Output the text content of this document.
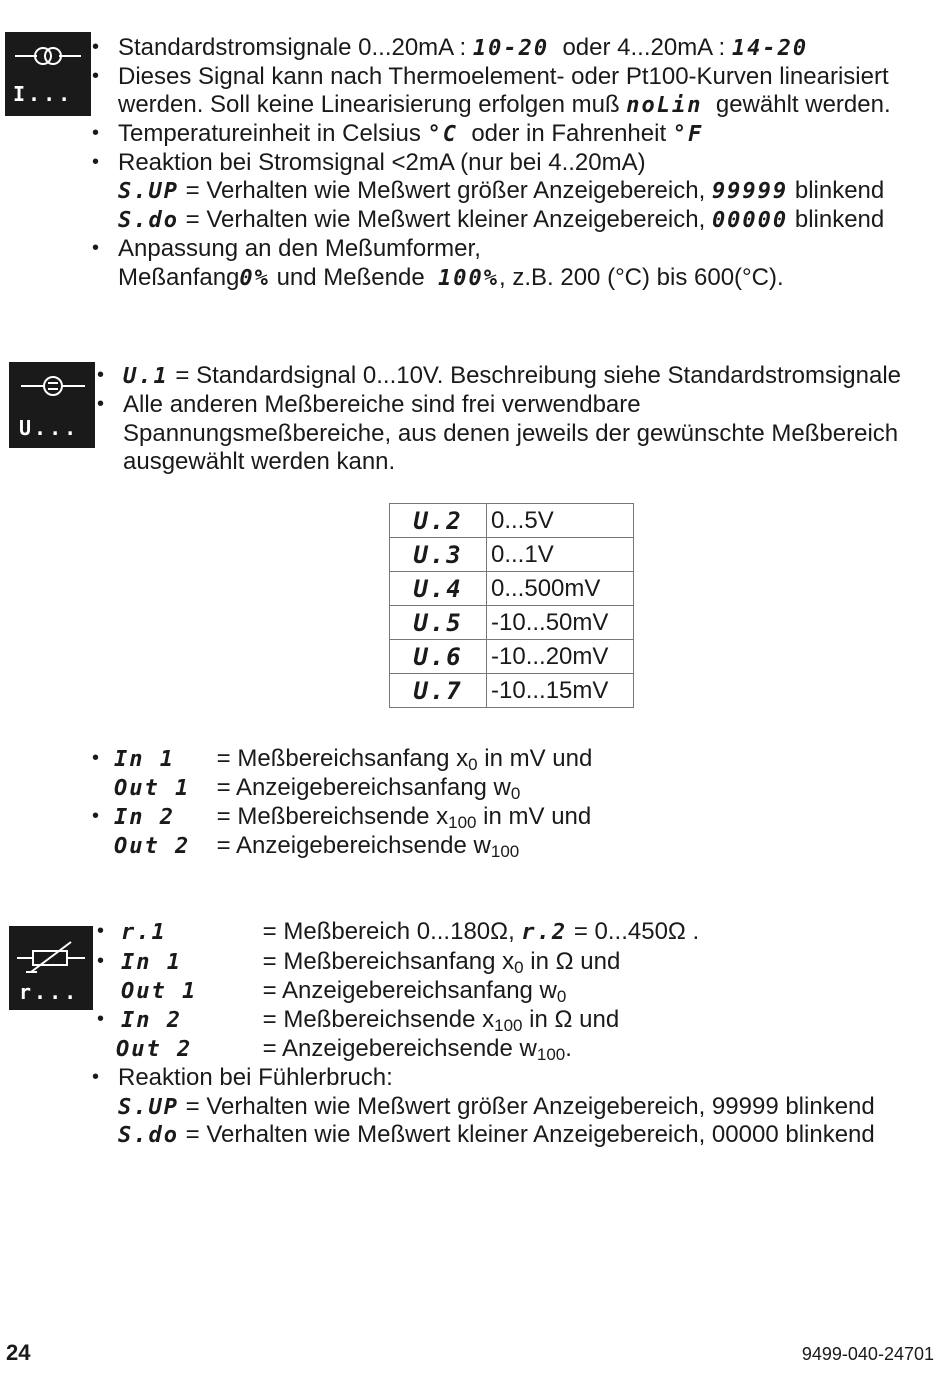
I...
• Standardstromsignale 0...20mA : 10-20 oder 4...20mA : 14-20
• Dieses Signal kann nach Thermoelement- oder Pt100-Kurven linearisiert
werden. Soll keine Linearisierung erfolgen muß noLin gewählt werden.
• Temperatureinheit in Celsius °C oder in Fahrenheit °F
• Reaktion bei Stromsignal <2mA (nur bei 4..20mA)
S.UP = Verhalten wie Meßwert größer Anzeigebereich, 99999 blinkend
S.do = Verhalten wie Meßwert kleiner Anzeigebereich, 00000 blinkend
• Anpassung an den Meßumformer,
Meßanfang0% und Meßende 100%, z.B. 200 (°C) bis 600(°C).
U...
• U.1 = Standardsignal 0...10V. Beschreibung siehe Standardstromsignale
• Alle anderen Meßbereiche sind frei verwendbare
Spannungsmeßbereiche, aus denen jeweils der gewünschte Meßbereich
ausgewählt werden kann.
U.2	0...5V
U.3	0...1V
U.4	0...500mV
U.5	-10...50mV
U.6	-10...20mV
U.7	-10...15mV
• In 1 = Meßbereichsanfang $x_0$ in mV und
Out 1 = Anzeigebereichsanfang $w_0$
• In 2 = Meßbereichsende $x_{100}$ in mV und
Out 2 = Anzeigebereichsende $w_{100}$
r...
• r.1	= Meßbereich 0...180Ω, r.2 = 0...450Ω .
• In 1	= Meßbereichsanfang $x_0$ in Ω und
Out 1	= Anzeigebereichsanfang $w_0$
• In 2	= Meßbereichsende $x_{100}$ in Ω und
Out 2	= Anzeigebereichsende $w_{100}$.
• Reaktion bei Fühlerbruch:
S.UP = Verhalten wie Meßwert größer Anzeigebereich, 99999 blinkend
S.do = Verhalten wie Meßwert kleiner Anzeigebereich, 00000 blinkend
24	9499-040-24701
